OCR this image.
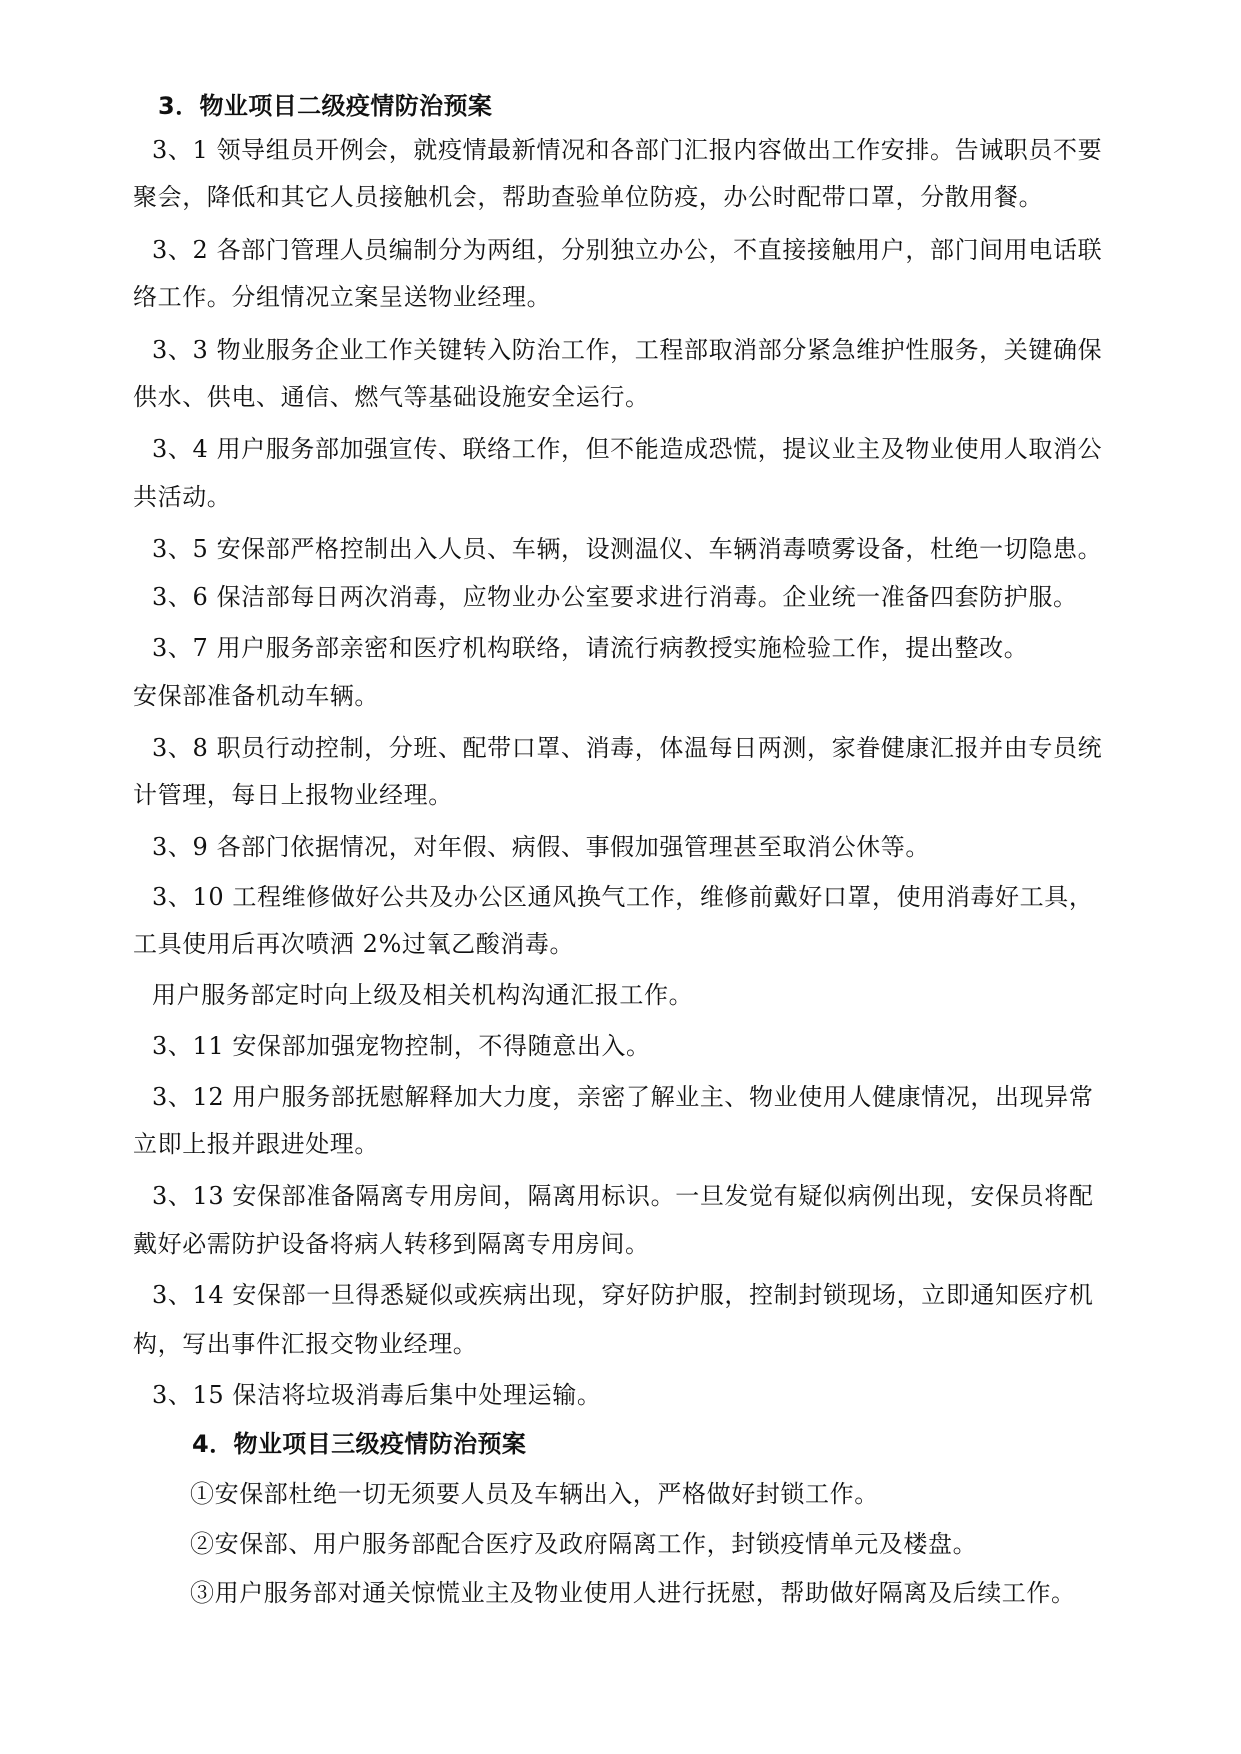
3．物业项目二级疫情防治预案
3、1 领导组员开例会，就疫情最新情况和各部门汇报内容做出工作安排。告诫职员不要
聚会，降低和其它人员接触机会，帮助查验单位防疫，办公时配带口罩，分散用餐。
3、2 各部门管理人员编制分为两组，分别独立办公，不直接接触用户，部门间用电话联
络工作。分组情况立案呈送物业经理。
3、3 物业服务企业工作关键转入防治工作，工程部取消部分紧急维护性服务，关键确保
供水、供电、通信、燃气等基础设施安全运行。
3、4 用户服务部加强宣传、联络工作，但不能造成恐慌，提议业主及物业使用人取消公
共活动。
3、5 安保部严格控制出入人员、车辆，设测温仪、车辆消毒喷雾设备，杜绝一切隐患。
3、6 保洁部每日两次消毒，应物业办公室要求进行消毒。企业统一准备四套防护服。
3、7 用户服务部亲密和医疗机构联络，请流行病教授实施检验工作，提出整改。
安保部准备机动车辆。
3、8 职员行动控制，分班、配带口罩、消毒，体温每日两测，家眷健康汇报并由专员统
计管理，每日上报物业经理。
3、9 各部门依据情况，对年假、病假、事假加强管理甚至取消公休等。
3、10 工程维修做好公共及办公区通风换气工作，维修前戴好口罩，使用消毒好工具，
工具使用后再次喷洒 2%过氧乙酸消毒。
用户服务部定时向上级及相关机构沟通汇报工作。
3、11 安保部加强宠物控制，不得随意出入。
3、12 用户服务部抚慰解释加大力度，亲密了解业主、物业使用人健康情况，出现异常
立即上报并跟进处理。
3、13 安保部准备隔离专用房间，隔离用标识。一旦发觉有疑似病例出现，安保员将配
戴好必需防护设备将病人转移到隔离专用房间。
3、14 安保部一旦得悉疑似或疾病出现，穿好防护服，控制封锁现场，立即通知医疗机
构，写出事件汇报交物业经理。
3、15 保洁将垃圾消毒后集中处理运输。
4．物业项目三级疫情防治预案
①安保部杜绝一切无须要人员及车辆出入，严格做好封锁工作。
②安保部、用户服务部配合医疗及政府隔离工作，封锁疫情单元及楼盘。
③用户服务部对通关惊慌业主及物业使用人进行抚慰，帮助做好隔离及后续工作。
